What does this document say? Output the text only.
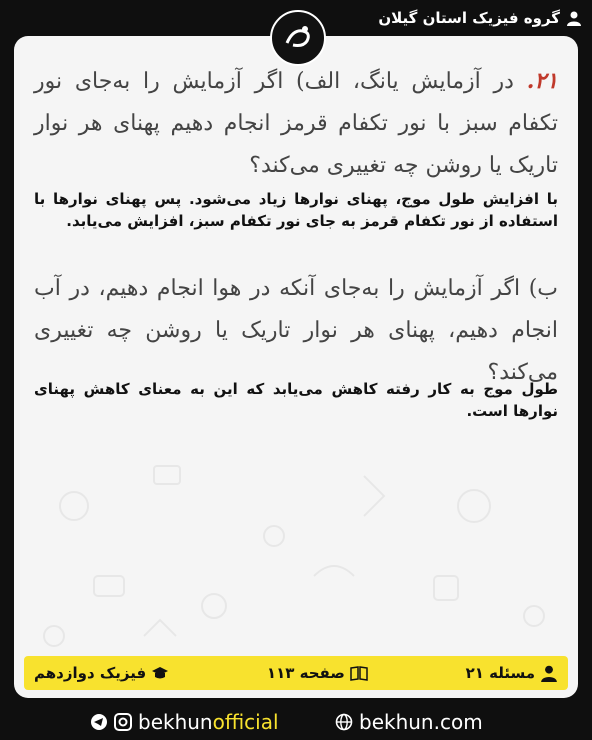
گروه فیزیک استان گیلان
۲۱. در آزمایش یانگ، الف) اگر آزمایش را به‌جای نور تکفام سبز با نور تکفام قرمز انجام دهیم پهنای هر نوار تاریک یا روشن چه تغییری می‌کند؟
با افزایش طول موج، پهنای نوارها زیاد می‌شود. پس پهنای نوارها با استفاده از نور تکفام قرمز به جای نور تکفام سبز، افزایش می‌یابد.
ب) اگر آزمایش را به‌جای آنکه در هوا انجام دهیم، در آب انجام دهیم، پهنای هر نوار تاریک یا روشن چه تغییری می‌کند؟
طول موج به کار رفته کاهش می‌یابد که این به معنای کاهش پهنای نوارها است.
مسئله ۲۱
صفحه ۱۱۳
فیزیک دوازدهم
bekhunofficial	bekhun.com
